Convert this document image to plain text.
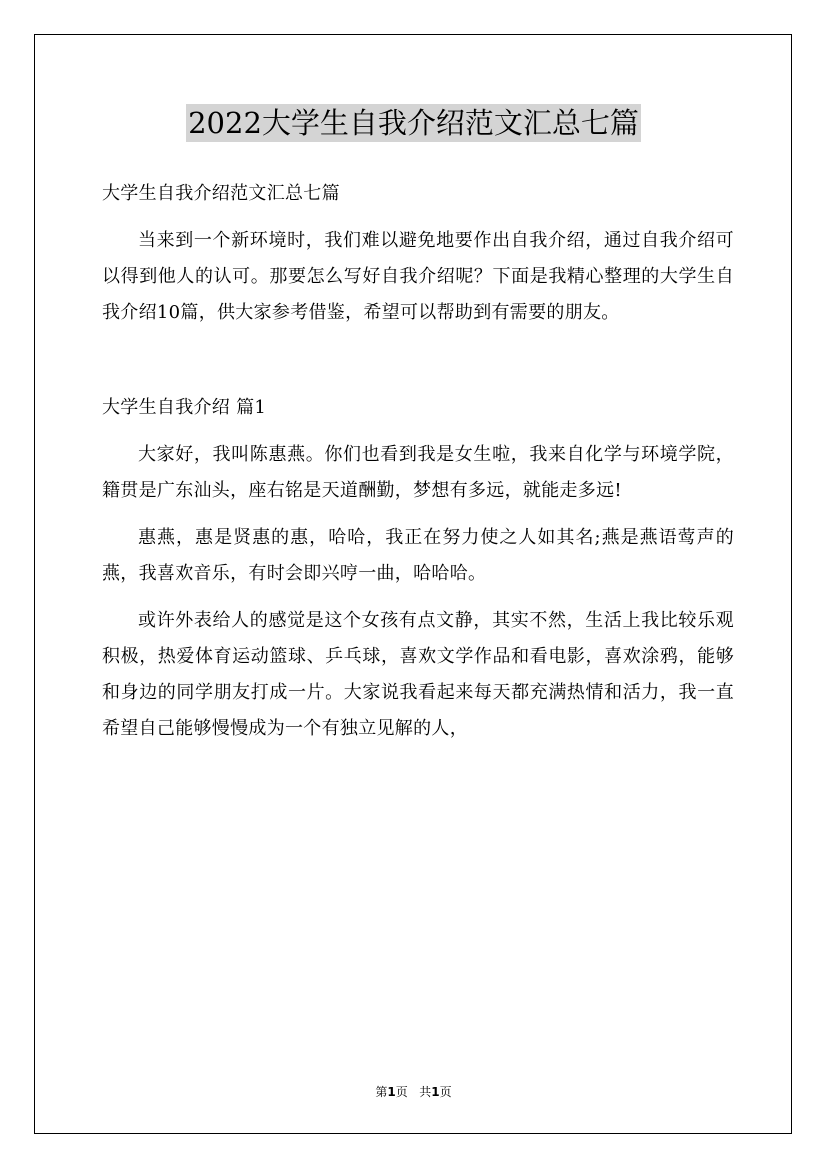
2022大学生自我介绍范文汇总七篇

大学生自我介绍范文汇总七篇

当来到一个新环境时，我们难以避免地要作出自我介绍，通过自我介绍可以得到他人的认可。那要怎么写好自我介绍呢？下面是我精心整理的大学生自我介绍10篇，供大家参考借鉴，希望可以帮助到有需要的朋友。

大学生自我介绍 篇1

大家好，我叫陈惠燕。你们也看到我是女生啦，我来自化学与环境学院，籍贯是广东汕头，座右铭是天道酬勤，梦想有多远，就能走多远!

惠燕，惠是贤惠的惠，哈哈，我正在努力使之人如其名;燕是燕语莺声的燕，我喜欢音乐，有时会即兴哼一曲，哈哈哈。

或许外表给人的感觉是这个女孩有点文静，其实不然，生活上我比较乐观积极，热爱体育运动篮球、乒乓球，喜欢文学作品和看电影，喜欢涂鸦，能够和身边的同学朋友打成一片。大家说我看起来每天都充满热情和活力，我一直希望自己能够慢慢成为一个有独立见解的人，

第1页 共1页
